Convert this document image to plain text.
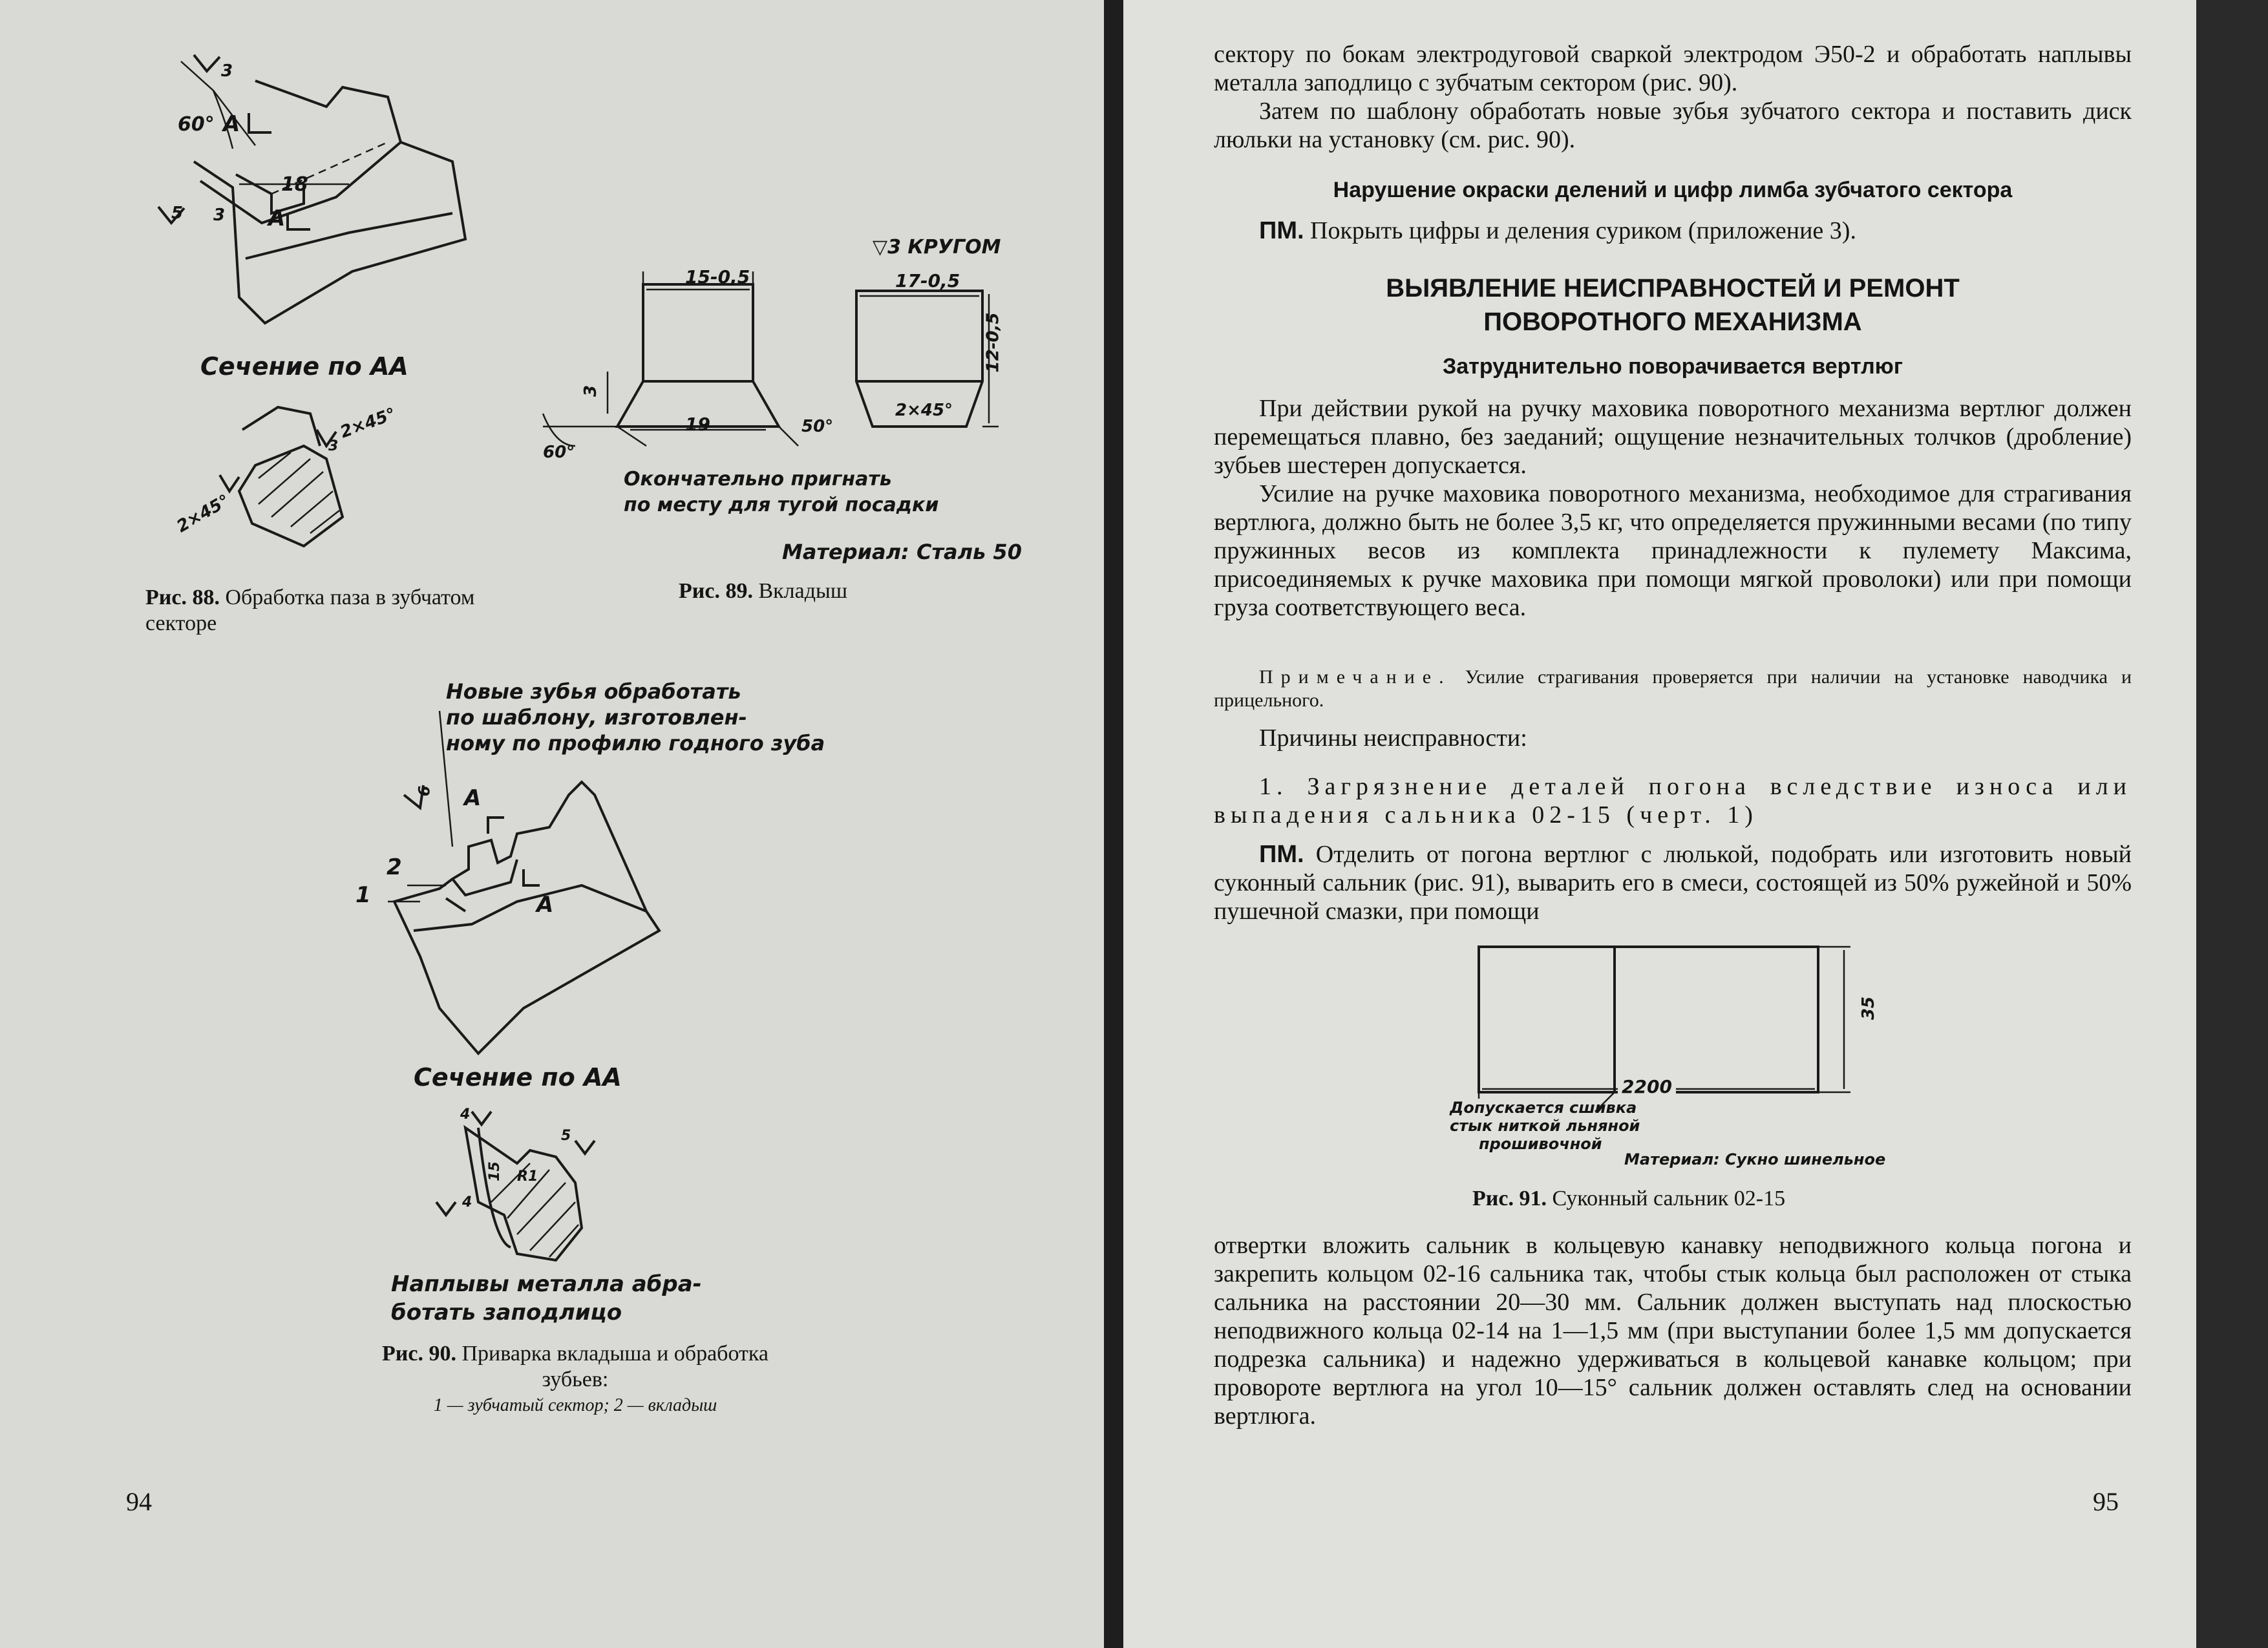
60° A
18
A
3
5 3
Сечение по АА
2×45°
2×45°
3
Рис. 88. Обработка паза в зубчатом секторе
▽3 КРУГОМ
15-0,5	17-0,5
12-0,5
3
19	50°
60°
2×45°
Окончательно пригнать
по месту для тугой посадки
Материал: Сталь 50
Рис. 89. Вкладыш
Новые зубья обработать
по шаблону, изготовлен-
ному по профилю годного зуба
6 A
A
1
2
Сечение по АА
4
5
15 R1
4
Наплывы металла абра-
ботать заподлицо
Рис. 90. Приварка вкладыша и обработка зубьев:
1 — зубчатый сектор; 2 — вкладыш
94
сектору по бокам электродуговой сваркой электродом Э50-2 и обработать наплывы металла заподлицо с зубчатым сектором (рис. 90).
Затем по шаблону обработать новые зубья зубчатого сектора и поставить диск люльки на установку (см. рис. 90).
Нарушение окраски делений и цифр лимба зубчатого сектора
ПМ. Покрыть цифры и деления суриком (приложение 3).
ВЫЯВЛЕНИЕ НЕИСПРАВНОСТЕЙ И РЕМОНТ
ПОВОРОТНОГО МЕХАНИЗМА
Затруднительно поворачивается вертлюг
При действии рукой на ручку маховика поворотного механизма вертлюг должен перемещаться плавно, без заеданий; ощущение незначительных толчков (дробление) зубьев шестерен допускается.
Усилие на ручке маховика поворотного механизма, необходимое для страгивания вертлюга, должно быть не более 3,5 кг, что определяется пружинными весами (по типу пружинных весов из комплекта принадлежности к пулемету Максима, присоединяемых к ручке маховика при помощи мягкой проволоки) или при помощи груза соответствующего веса.
Примечание. Усилие страгивания проверяется при наличии на установке наводчика и прицельного.
Причины неисправности:
1. Загрязнение деталей погона вследствие износа или выпадения сальника 02-15 (черт. 1)
ПМ. Отделить от погона вертлюг с люлькой, подобрать или изготовить новый суконный сальник (рис. 91), выварить его в смеси, состоящей из 50% ружейной и 50% пушечной смазки, при помощи
35
2200
Допускается сшивка
стык ниткой льняной
прошивочной
Материал: Сукно шинельное
Рис. 91. Суконный сальник 02-15
отвертки вложить сальник в кольцевую канавку неподвижного кольца погона и закрепить кольцом 02-16 сальника так, чтобы стык кольца был расположен от стыка сальника на расстоянии 20—30 мм. Сальник должен выступать над плоскостью неподвижного кольца 02-14 на 1—1,5 мм (при выступании более 1,5 мм допускается подрезка сальника) и надежно удерживаться в кольцевой канавке кольцом; при провороте вертлюга на угол 10—15° сальник должен оставлять след на основании вертлюга.
95
